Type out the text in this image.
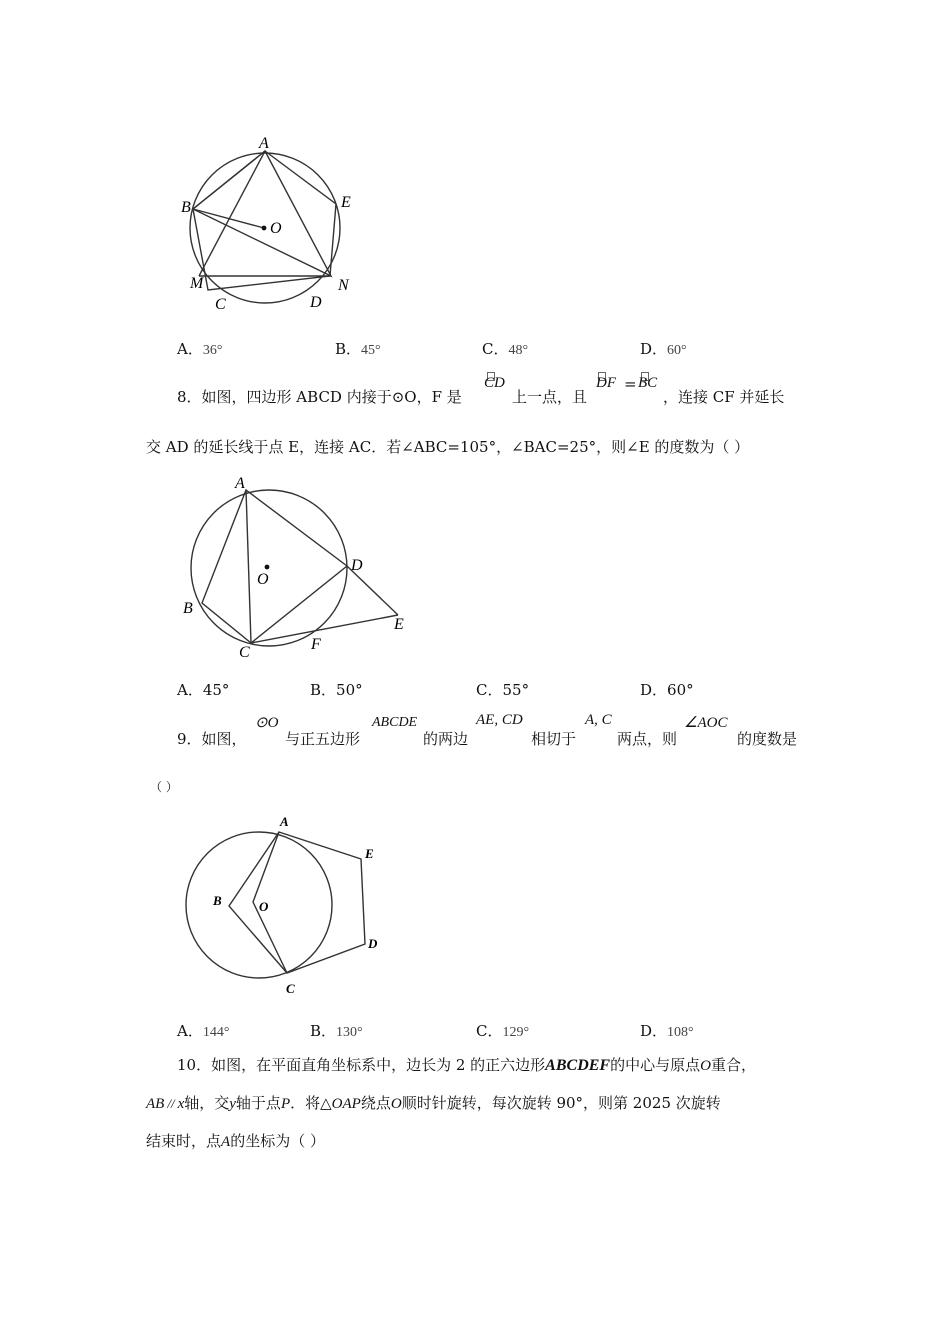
A
B
O
E
M	N
C	D
A．36°	B．45°	C．48°	D．60°
8．如图，四边形 ABCD 内接于⊙O，F 是
CD
上一点，且
DF = BC
，连接 CF 并延长
交 AD 的延长线于点 E，连接 AC．若∠ABC=105°，∠BAC=25°，则∠E 的度数为（ ）
A
O
D
B
E
C	F
A．45°	B．50°	C．55°	D．60°
9．如图，
⊙O
与正五边形
ABCDE
的两边
AE, CD
相切于
A, C
两点，则
∠AOC
的度数是
（ ）
A
E
B	O
D
C
A．144°	B．130°	C．129°	D．108°
10．如图，在平面直角坐标系中，边长为 2 的正六边形ABCDEF的中心与原点O重合，
AB // x轴，交y轴于点P．将△OAP绕点O顺时针旋转，每次旋转 90°，则第 2025 次旋转
结束时，点A的坐标为（ ）
